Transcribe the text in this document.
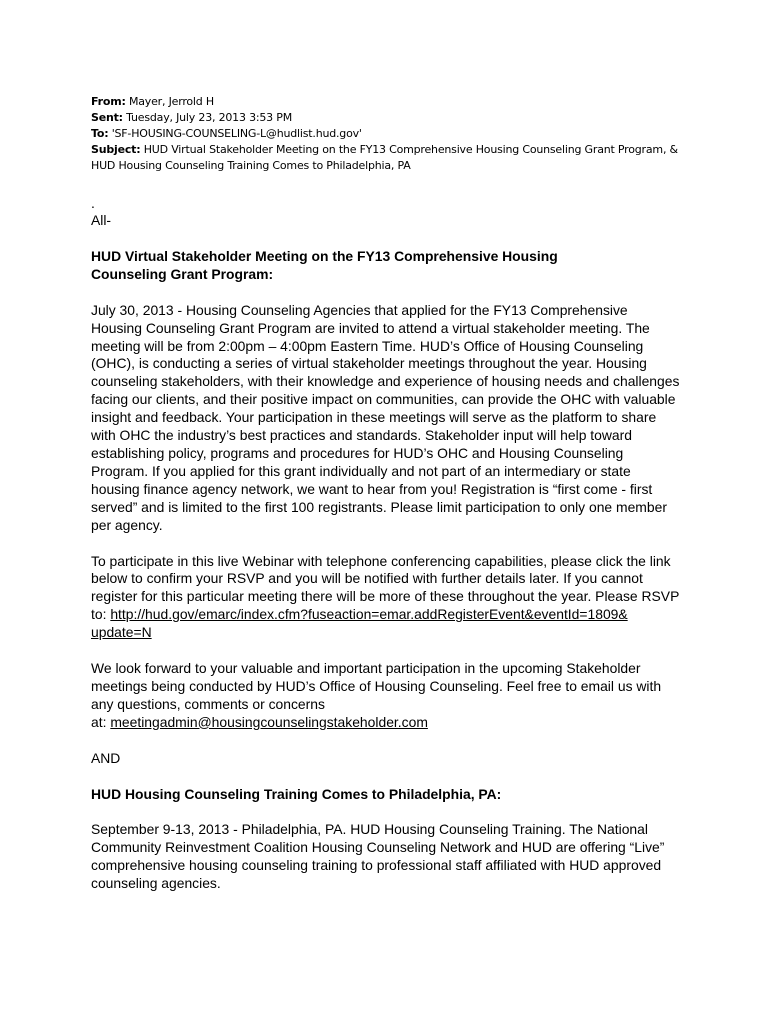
From: Mayer, Jerrold H
Sent: Tuesday, July 23, 2013 3:53 PM
To: 'SF-HOUSING-COUNSELING-L@hudlist.hud.gov'
Subject: HUD Virtual Stakeholder Meeting on the FY13 Comprehensive Housing Counseling Grant Program, & HUD Housing Counseling Training Comes to Philadelphia, PA
.
All-
HUD Virtual Stakeholder Meeting on the FY13 Comprehensive Housing
Counseling Grant Program:

July 30, 2013 - Housing Counseling Agencies that applied for the FY13 Comprehensive Housing Counseling Grant Program are invited to attend a virtual stakeholder meeting. The meeting will be from 2:00pm – 4:00pm Eastern Time. HUD’s Office of Housing Counseling (OHC), is conducting a series of virtual stakeholder meetings throughout the year. Housing counseling stakeholders, with their knowledge and experience of housing needs and challenges facing our clients, and their positive impact on communities, can provide the OHC with valuable insight and feedback. Your participation in these meetings will serve as the platform to share with OHC the industry’s best practices and standards. Stakeholder input will help toward establishing policy, programs and procedures for HUD’s OHC and Housing Counseling Program. If you applied for this grant individually and not part of an intermediary or state housing finance agency network, we want to hear from you! Registration is “first come - first served” and is limited to the first 100 registrants. Please limit participation to only one member per agency.

To participate in this live Webinar with telephone conferencing capabilities, please click the link below to confirm your RSVP and you will be notified with further details later. If you cannot register for this particular meeting there will be more of these throughout the year. Please RSVP
to: http://hud.gov/emarc/index.cfm?fuseaction=emar.addRegisterEvent&eventId=1809&
update=N

We look forward to your valuable and important participation in the upcoming Stakeholder meetings being conducted by HUD’s Office of Housing Counseling. Feel free to email us with any questions, comments or concerns
at: meetingadmin@housingcounselingstakeholder.com

AND

HUD Housing Counseling Training Comes to Philadelphia, PA:

September 9-13, 2013 - Philadelphia, PA. HUD Housing Counseling Training. The National Community Reinvestment Coalition Housing Counseling Network and HUD are offering “Live” comprehensive housing counseling training to professional staff affiliated with HUD approved counseling agencies.
